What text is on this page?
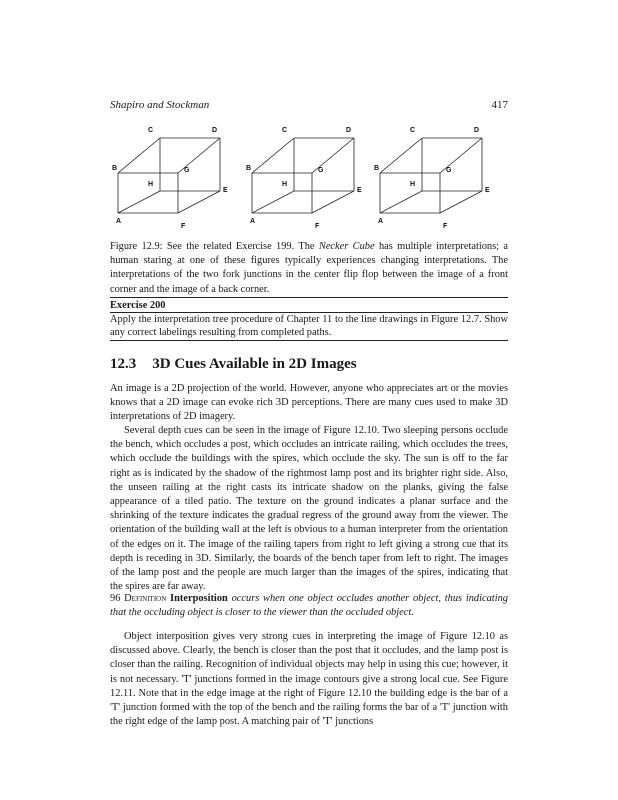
Shapiro and Stockman	417
C	D
B	G
H
E
A
F
C	D
B	G
H
E
A
F
C	D
B	G
H
E
A
F
Figure 12.9: See the related Exercise 199. The Necker Cube has multiple interpretations; a human staring at one of these figures typically experiences changing interpretations. The interpretations of the two fork junctions in the center flip flop between the image of a front corner and the image of a back corner.
Exercise 200
Apply the interpretation tree procedure of Chapter 11 to the line drawings in Figure 12.7. Show any correct labelings resulting from completed paths.
12.3 3D Cues Available in 2D Images

An image is a 2D projection of the world. However, anyone who appreciates art or the movies knows that a 2D image can evoke rich 3D perceptions. There are many cues used to make 3D interpretations of 2D imagery.

Several depth cues can be seen in the image of Figure 12.10. Two sleeping persons occlude the bench, which occludes a post, which occludes an intricate railing, which occludes the trees, which occlude the buildings with the spires, which occlude the sky. The sun is off to the far right as is indicated by the shadow of the rightmost lamp post and its brighter right side. Also, the unseen railing at the right casts its intricate shadow on the planks, giving the false appearance of a tiled patio. The texture on the ground indicates a planar surface and the shrinking of the texture indicates the gradual regress of the ground away from the viewer. The orientation of the building wall at the left is obvious to a human interpreter from the orientation of the edges on it. The image of the railing tapers from right to left giving a strong cue that its depth is receding in 3D. Similarly, the boards of the bench taper from left to right. The images of the lamp post and the people are much larger than the images of the spires, indicating that the spires are far away.

96 Definition Interposition occurs when one object occludes another object, thus indicating that the occluding object is closer to the viewer than the occluded object.

Object interposition gives very strong cues in interpreting the image of Figure 12.10 as discussed above. Clearly, the bench is closer than the post that it occludes, and the lamp post is closer than the railing. Recognition of individual objects may help in using this cue; however, it is not necessary. 'T' junctions formed in the image contours give a strong local cue. See Figure 12.11. Note that in the edge image at the right of Figure 12.10 the building edge is the bar of a 'T' junction formed with the top of the bench and the railing forms the bar of a 'T' junction with the right edge of the lamp post. A matching pair of 'T' junctions
